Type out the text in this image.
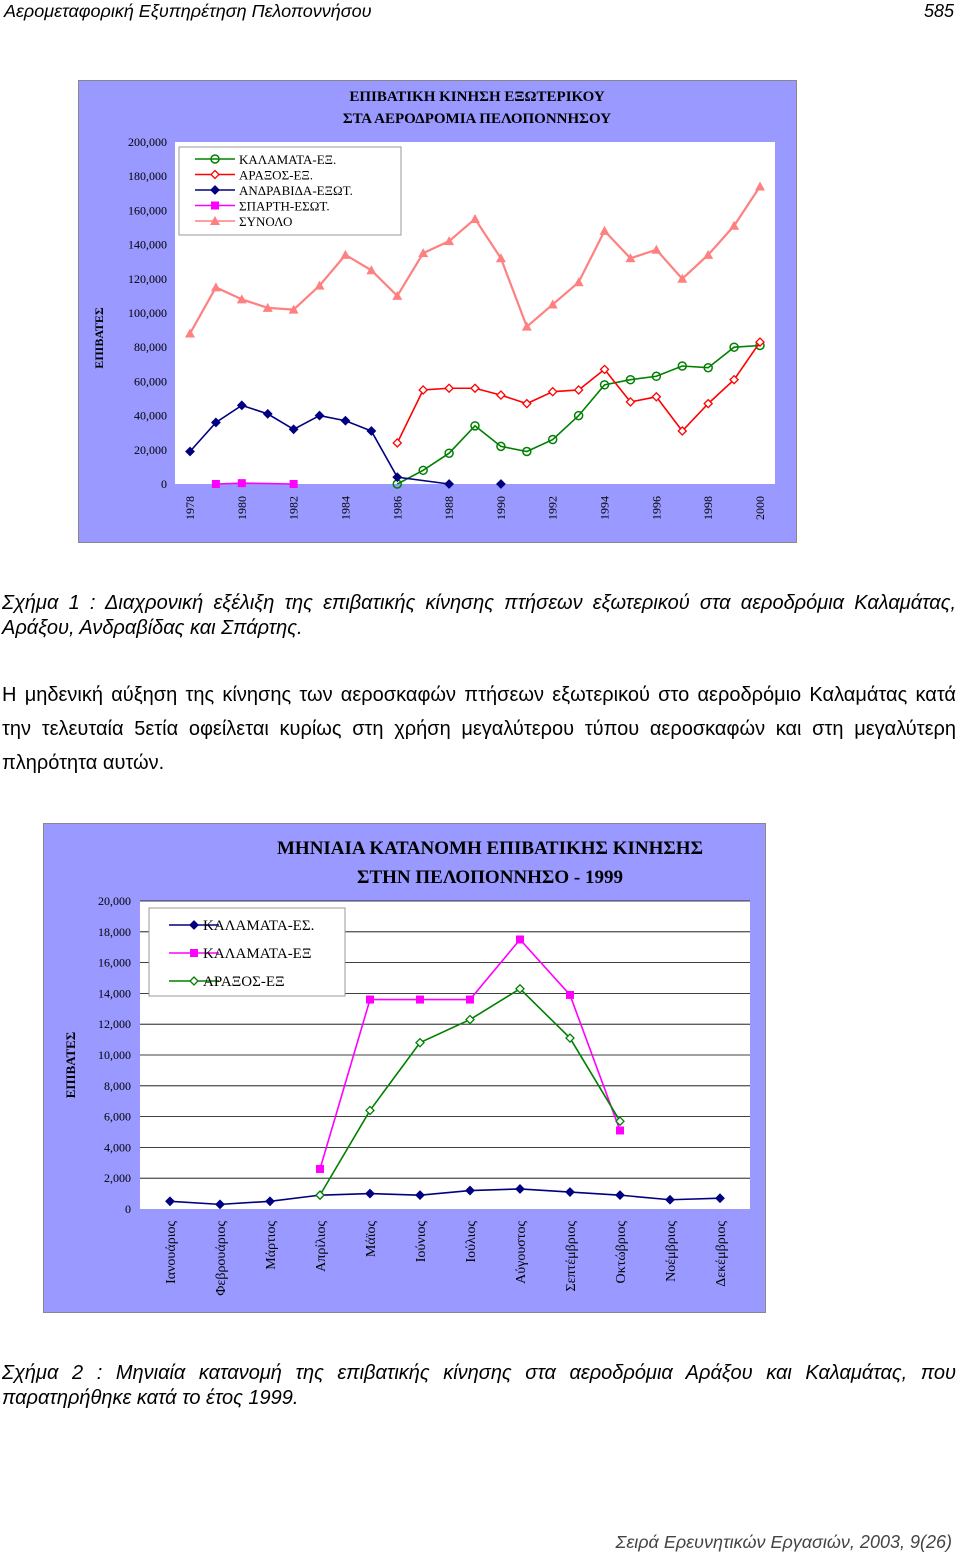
Αερομεταφορική Εξυπηρέτηση Πελοποννήσου	585
0
20,000
40,000
60,000
80,000
100,000
120,000
140,000
160,000
180,000
200,000
1978	1980	1982	1984	1986	1988	1990	1992	1994	1996	1998	2000
ΕΠΙΒΑΤΕΣ
ΕΠΙΒΑΤΙΚΗ ΚΙΝΗΣΗ ΕΞΩΤΕΡΙΚΟΥ
ΣΤΑ ΑΕΡΟΔΡΟΜΙΑ ΠΕΛΟΠΟΝΝΗΣΟΥ
ΚΑΛΑΜΑΤΑ-ΕΞ.
ΑΡΑΞΟΣ-ΕΞ.
ΑΝΔΡΑΒΙΔΑ-ΕΞΩΤ.
ΣΠΑΡΤΗ-ΕΣΩΤ.
ΣΥΝΟΛΟ
Σχήμα 1 : Διαχρονική εξέλιξη της επιβατικής κίνησης πτήσεων εξωτερικού στα αεροδρόμια Καλαμάτας, Αράξου, Ανδραβίδας και Σπάρτης.
Η μηδενική αύξηση της κίνησης των αεροσκαφών πτήσεων εξωτερικού στο αεροδρόμιο Καλαμάτας κατά την τελευταία 5ετία οφείλεται κυρίως στη χρήση μεγαλύτερου τύπου αεροσκαφών και στη μεγαλύτερη πληρότητα αυτών.
0
2,000
4,000
6,000
8,000
10,000
12,000
14,000
16,000
18,000
20,000
Ιανουάριος	Φεβρουάριος	Μάρτιος	Απρίλιος	Μάϊος	Ιούνιος	Ιούλιος	Αύγουστος	Σεπτέμβριος	Οκτώβριος	Νοέμβριος	Δεκέμβριος
ΕΠΙΒΑΤΕΣ
ΜΗΝΙΑΙΑ ΚΑΤΑΝΟΜΗ ΕΠΙΒΑΤΙΚΗΣ ΚΙΝΗΣΗΣ
ΣΤΗΝ ΠΕΛΟΠΟΝΝΗΣΟ - 1999
ΚΑΛΑΜΑΤΑ-ΕΣ.
ΚΑΛΑΜΑΤΑ-ΕΞ
ΑΡΑΞΟΣ-ΕΞ
Σχήμα 2 : Μηνιαία κατανομή της επιβατικής κίνησης στα αεροδρόμια Αράξου και Καλαμάτας, που παρατηρήθηκε κατά το έτος 1999.
Σειρά Ερευνητικών Εργασιών, 2003, 9(26)
